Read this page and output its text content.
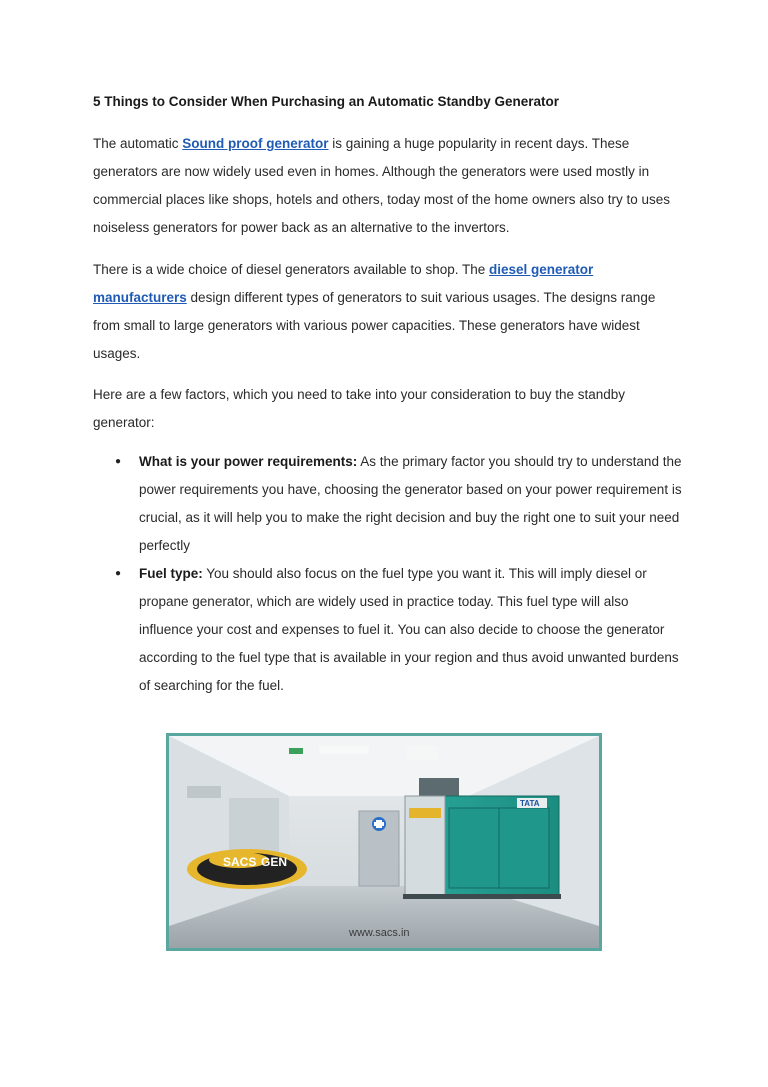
5 Things to Consider When Purchasing an Automatic Standby Generator
The automatic Sound proof generator is gaining a huge popularity in recent days. These generators are now widely used even in homes. Although the generators were used mostly in commercial places like shops, hotels and others, today most of the home owners also try to uses noiseless generators for power back as an alternative to the invertors.
There is a wide choice of diesel generators available to shop. The diesel generator manufacturers design different types of generators to suit various usages. The designs range from small to large generators with various power capacities. These generators have widest usages.
Here are a few factors, which you need to take into your consideration to buy the standby generator:
● What is your power requirements: As the primary factor you should try to understand the power requirements you have, choosing the generator based on your power requirement is crucial, as it will help you to make the right decision and buy the right one to suit your need perfectly
● Fuel type: You should also focus on the fuel type you want it. This will imply diesel or propane generator, which are widely used in practice today. This fuel type will also influence your cost and expenses to fuel it. You can also decide to choose the generator according to the fuel type that is available in your region and thus avoid unwanted burdens of searching for the fuel.
SACS GEN
TATA
www.sacs.in
